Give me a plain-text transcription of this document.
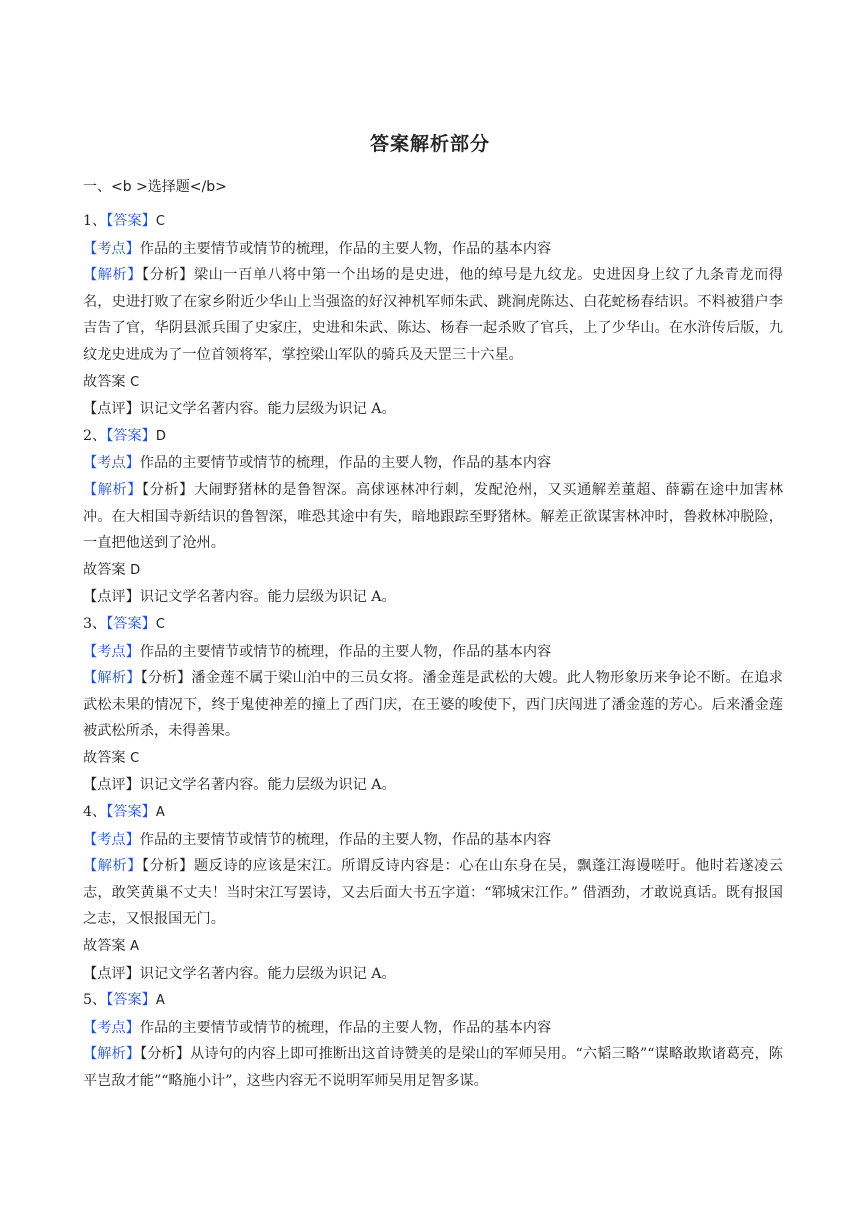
答案解析部分
一、<b >选择题</b>
1、【答案】C
【考点】作品的主要情节或情节的梳理，作品的主要人物，作品的基本内容
【解析】【分析】梁山一百单八将中第一个出场的是史进，他的绰号是九纹龙。史进因身上纹了九条青龙而得名，史进打败了在家乡附近少华山上当强盗的好汉神机军师朱武、跳涧虎陈达、白花蛇杨春结识。不料被猎户李吉告了官，华阴县派兵围了史家庄，史进和朱武、陈达、杨春一起杀败了官兵，上了少华山。在水浒传后版，九纹龙史进成为了一位首领将军，掌控梁山军队的骑兵及天罡三十六星。
故答案 C
【点评】识记文学名著内容。能力层级为识记 A。
2、【答案】D
【考点】作品的主要情节或情节的梳理，作品的主要人物，作品的基本内容
【解析】【分析】大闹野猪林的是鲁智深。高俅诬林冲行刺，发配沧州，又买通解差董超、薛霸在途中加害林冲。在大相国寺新结识的鲁智深，唯恐其途中有失，暗地跟踪至野猪林。解差正欲谋害林冲时，鲁救林冲脱险，一直把他送到了沧州。
故答案 D
【点评】识记文学名著内容。能力层级为识记 A。
3、【答案】C
【考点】作品的主要情节或情节的梳理，作品的主要人物，作品的基本内容
【解析】【分析】潘金莲不属于梁山泊中的三员女将。潘金莲是武松的大嫂。此人物形象历来争论不断。在追求武松未果的情况下，终于鬼使神差的撞上了西门庆，在王婆的唆使下，西门庆闯进了潘金莲的芳心。后来潘金莲被武松所杀，未得善果。
故答案 C
【点评】识记文学名著内容。能力层级为识记 A。
4、【答案】A
【考点】作品的主要情节或情节的梳理，作品的主要人物，作品的基本内容
【解析】【分析】题反诗的应该是宋江。所谓反诗内容是：心在山东身在吴，飘蓬江海谩嗟吁。他时若遂凌云志，敢笑黄巢不丈夫！当时宋江写罢诗，又去后面大书五字道：“郓城宋江作。” 借酒劲，才敢说真话。既有报国之志，又恨报国无门。
故答案 A
【点评】识记文学名著内容。能力层级为识记 A。
5、【答案】A
【考点】作品的主要情节或情节的梳理，作品的主要人物，作品的基本内容
【解析】【分析】从诗句的内容上即可推断出这首诗赞美的是梁山的军师吴用。“六韬三略”“谋略敢欺诸葛亮，陈平岂敌才能”“略施小计”，这些内容无不说明军师吴用足智多谋。
